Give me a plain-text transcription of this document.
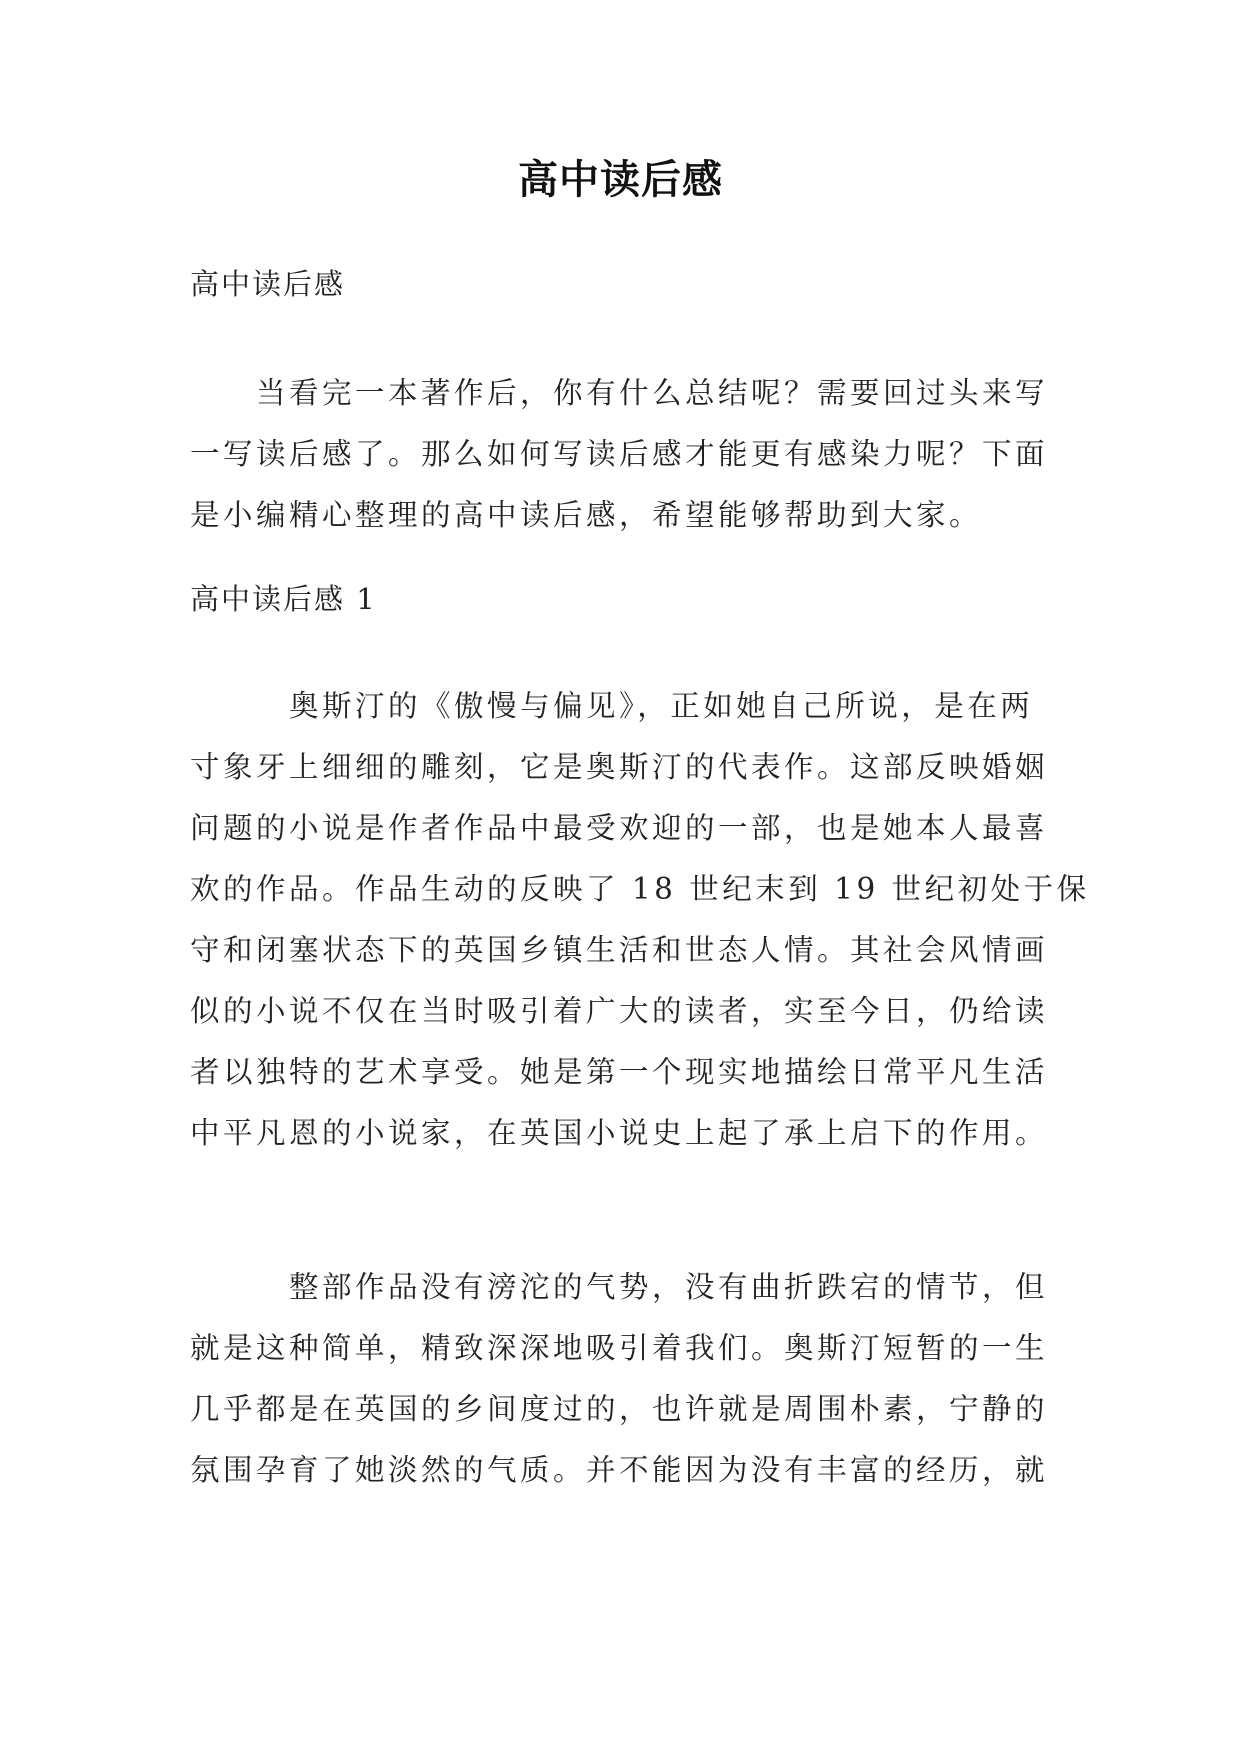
高中读后感
高中读后感
　　当看完一本著作后，你有什么总结呢？需要回过头来写
一写读后感了。那么如何写读后感才能更有感染力呢？下面
是小编精心整理的高中读后感，希望能够帮助到大家。
高中读后感 1
　　　奥斯汀的《傲慢与偏见》，正如她自己所说，是在两
寸象牙上细细的雕刻，它是奥斯汀的代表作。这部反映婚姻
问题的小说是作者作品中最受欢迎的一部，也是她本人最喜
欢的作品。作品生动的反映了 18 世纪末到 19 世纪初处于保
守和闭塞状态下的英国乡镇生活和世态人情。其社会风情画
似的小说不仅在当时吸引着广大的读者，实至今日，仍给读
者以独特的艺术享受。她是第一个现实地描绘日常平凡生活
中平凡恩的小说家，在英国小说史上起了承上启下的作用。
　　　整部作品没有滂沱的气势，没有曲折跌宕的情节，但
就是这种简单，精致深深地吸引着我们。奥斯汀短暂的一生
几乎都是在英国的乡间度过的，也许就是周围朴素，宁静的
氛围孕育了她淡然的气质。并不能因为没有丰富的经历，就
